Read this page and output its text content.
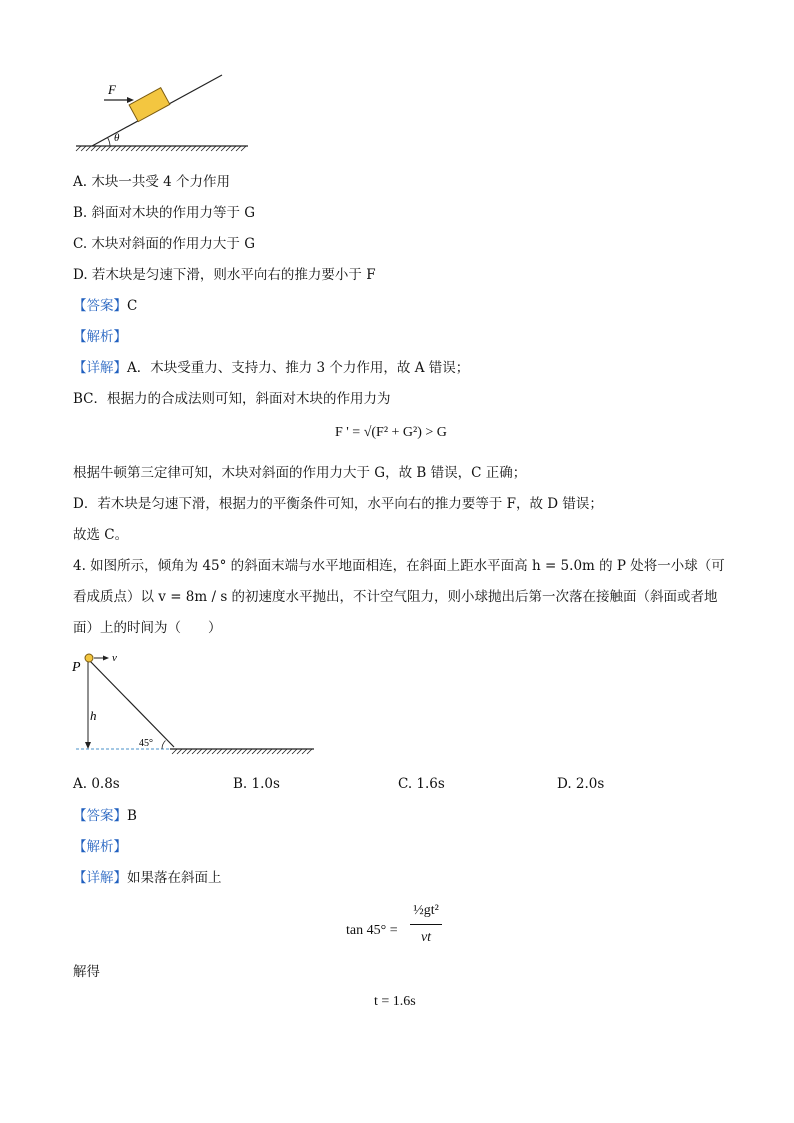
F
θ
A. 木块一共受 4 个力作用
B. 斜面对木块的作用力等于 G
C. 木块对斜面的作用力大于 G
D. 若木块是匀速下滑，则水平向右的推力要小于 F
【答案】C
【解析】
【详解】A．木块受重力、支持力、推力 3 个力作用，故 A 错误；
BC．根据力的合成法则可知，斜面对木块的作用力为
F ' = √(F² + G²) > G
根据牛顿第三定律可知，木块对斜面的作用力大于 G，故 B 错误，C 正确；
D．若木块是匀速下滑，根据力的平衡条件可知，水平向右的推力要等于 F，故 D 错误；
故选 C。
4. 如图所示，倾角为 45° 的斜面末端与水平地面相连，在斜面上距水平面高 h = 5.0m 的 P 处将一小球（可
看成质点）以 v = 8m / s 的初速度水平抛出，不计空气阻力，则小球抛出后第一次落在接触面（斜面或者地
面）上的时间为（　　）
v
P
h
45°
A. 0.8s	B. 1.0s	C. 1.6s	D. 2.0s
【答案】B
【解析】
【详解】如果落在斜面上
tan 45° =
½gt²
vt
解得
t = 1.6s
